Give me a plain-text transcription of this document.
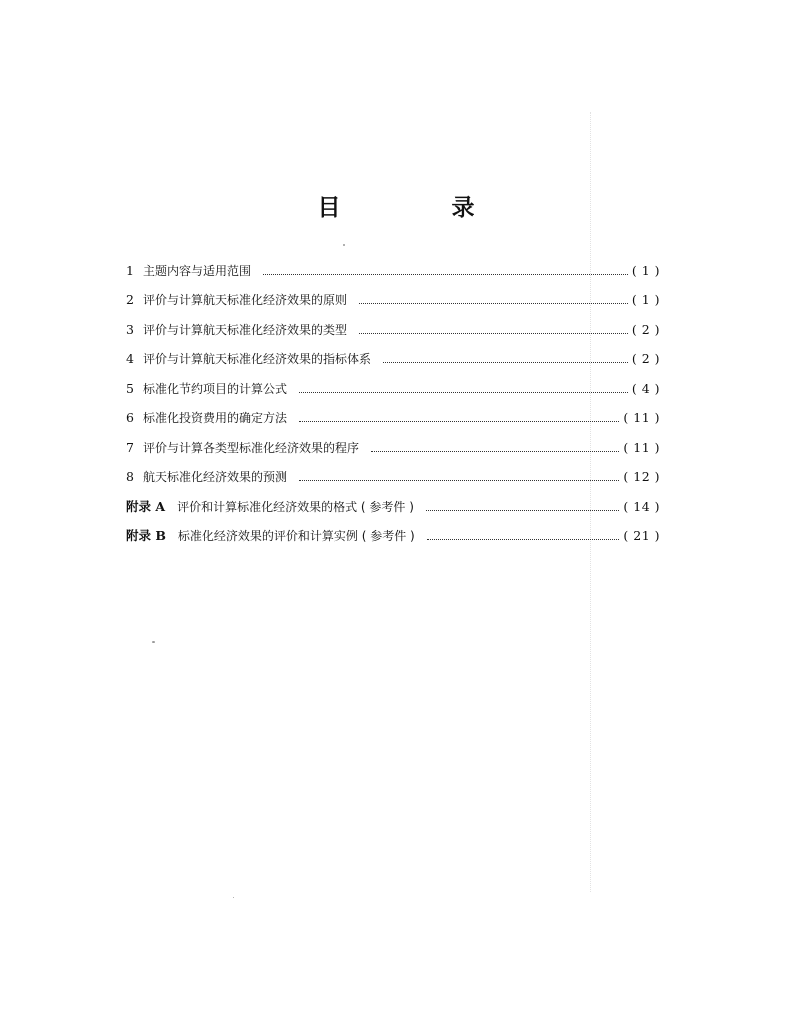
目　录
1 主题内容与适用范围	( 1 )
2 评价与计算航天标准化经济效果的原则	( 1 )
3 评价与计算航天标准化经济效果的类型	( 2 )
4 评价与计算航天标准化经济效果的指标体系	( 2 )
5 标准化节约项目的计算公式	( 4 )
6 标准化投资费用的确定方法	( 11 )
7 评价与计算各类型标准化经济效果的程序	( 11 )
8 航天标准化经济效果的预测	( 12 )
附录 A 评价和计算标准化经济效果的格式 ( 参考件 )	( 14 )
附录 B 标准化经济效果的评价和计算实例 ( 参考件 )	( 21 )
